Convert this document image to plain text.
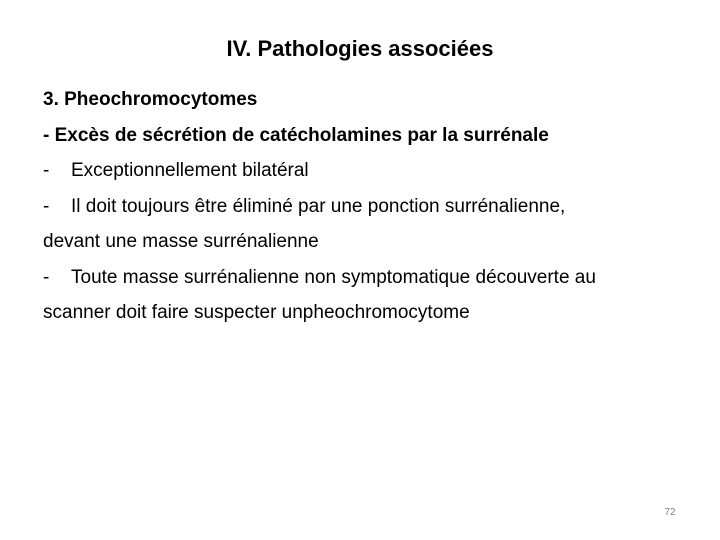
IV. Pathologies associées
3. Pheochromocytomes
- Excès de sécrétion de catécholamines par la surrénale
- Exceptionnellement bilatéral
- Il doit toujours être éliminé par une ponction surrénalienne,
devant une masse surrénalienne
- Toute masse surrénalienne non symptomatique découverte au
scanner doit faire suspecter unpheochromocytome
72
